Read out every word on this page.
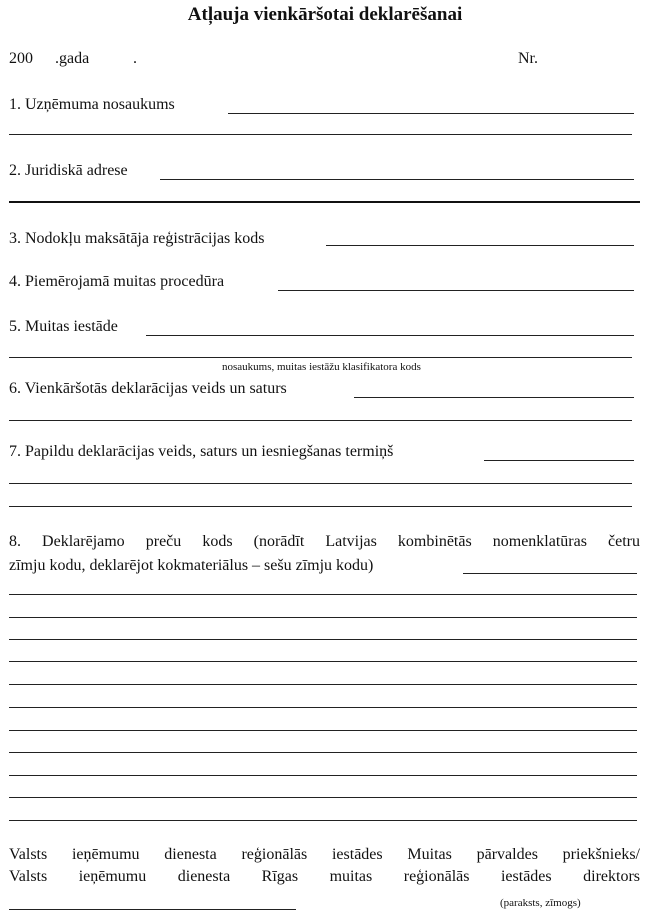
Atļauja vienkāršotai deklarēšanai
200 .gada	.	Nr.
1. Uzņēmuma nosaukums
2. Juridiskā adrese
3. Nodokļu maksātāja reģistrācijas kods
4. Piemērojamā muitas procedūra
5. Muitas iestāde
nosaukums, muitas iestāžu klasifikatora kods
6. Vienkāršotās deklarācijas veids un saturs
7. Papildu deklarācijas veids, saturs un iesniegšanas termiņš
8. Deklarējamo preču kods (norādīt Latvijas kombinētās nomenklatūras četru
zīmju kodu, deklarējot kokmateriālus – sešu zīmju kodu)
Valsts ieņēmumu dienesta reģionālās iestādes Muitas pārvaldes priekšnieks/
Valsts ieņēmumu dienesta Rīgas muitas reģionālās iestādes direktors
(paraksts, zīmogs)
